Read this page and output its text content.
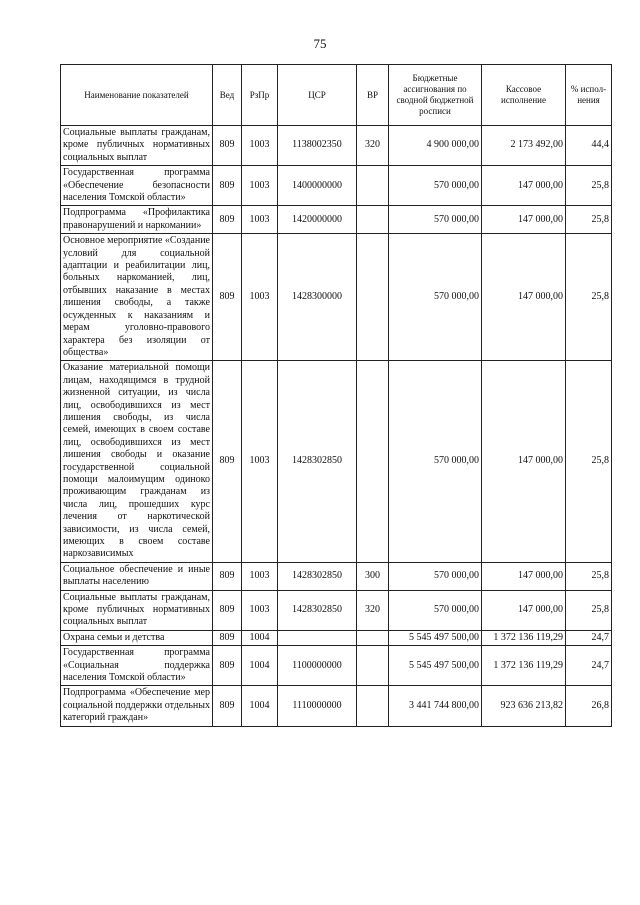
75
Наименование показателей	Вед	РзПр	ЦСР	ВР	Бюджетные ассигнования по сводной бюджетной росписи	Кассовое исполнение	% испол-нения
Социальные выплаты гражданам, кроме публичных нормативных социальных выплат	809	1003	1138002350	320	4 900 000,00	2 173 492,00	44,4
Государственная программа «Обеспечение безопасности населения Томской области»	809	1003	1400000000		570 000,00	147 000,00	25,8
Подпрограмма «Профилактика правонарушений и наркомании»	809	1003	1420000000		570 000,00	147 000,00	25,8
Основное мероприятие «Создание условий для социальной адаптации и реабилитации лиц, больных наркоманией, лиц, отбывших наказание в местах лишения свободы, а также осужденных к наказаниям и мерам уголовно-правового характера без изоляции от общества»	809	1003	1428300000		570 000,00	147 000,00	25,8
Оказание материальной помощи лицам, находящимся в трудной жизненной ситуации, из числа лиц, освободившихся из мест лишения свободы, из числа семей, имеющих в своем составе лиц, освободившихся из мест лишения свободы и оказание государственной социальной помощи малоимущим одиноко проживающим гражданам из числа лиц, прошедших курс лечения от наркотической зависимости, из числа семей, имеющих в своем составе наркозависимых	809	1003	1428302850		570 000,00	147 000,00	25,8
Социальное обеспечение и иные выплаты населению	809	1003	1428302850	300	570 000,00	147 000,00	25,8
Социальные выплаты гражданам, кроме публичных нормативных социальных выплат	809	1003	1428302850	320	570 000,00	147 000,00	25,8
Охрана семьи и детства	809	1004			5 545 497 500,00	1 372 136 119,29	24,7
Государственная программа «Социальная поддержка населения Томской области»	809	1004	1100000000		5 545 497 500,00	1 372 136 119,29	24,7
Подпрограмма «Обеспечение мер социальной поддержки отдельных категорий граждан»	809	1004	1110000000		3 441 744 800,00	923 636 213,82	26,8
